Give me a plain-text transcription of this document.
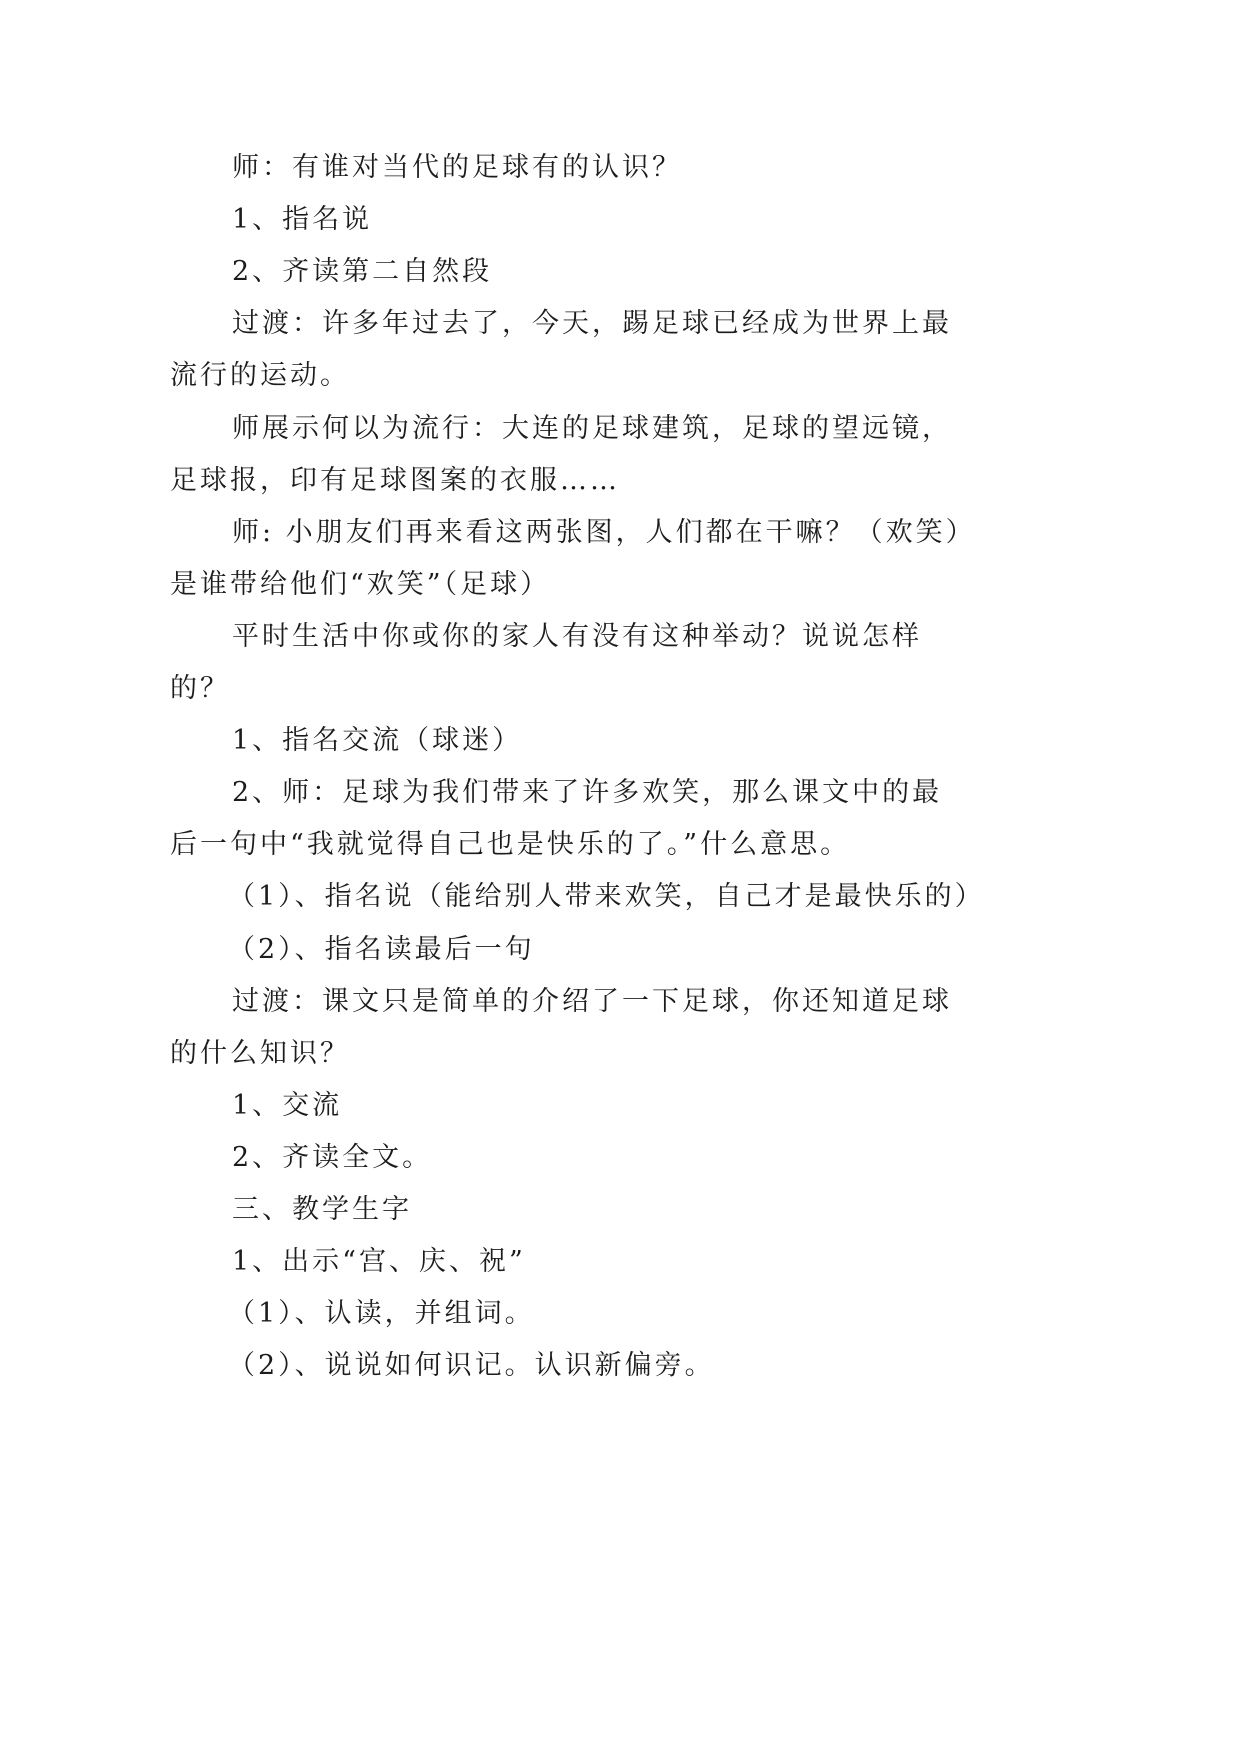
师：有谁对当代的足球有的认识？
1、指名说
2、齐读第二自然段
过渡：许多年过去了，今天，踢足球已经成为世界上最
流行的运动。
师展示何以为流行：大连的足球建筑，足球的望远镜，
足球报，印有足球图案的衣服……
师: 小朋友们再来看这两张图，人们都在干嘛？（欢笑）
是谁带给他们“欢笑”（足球）
平时生活中你或你的家人有没有这种举动？说说怎样
的？
1、指名交流（球迷）
2、师：足球为我们带来了许多欢笑，那么课文中的最
后一句中“我就觉得自己也是快乐的了。”什么意思。
（1）、指名说（能给别人带来欢笑，自己才是最快乐的）
（2）、指名读最后一句
过渡：课文只是简单的介绍了一下足球，你还知道足球
的什么知识？
1、交流
2、齐读全文。
三、教学生字
1、出示“宫、庆、祝”
（1）、认读，并组词。
（2）、说说如何识记。认识新偏旁。
